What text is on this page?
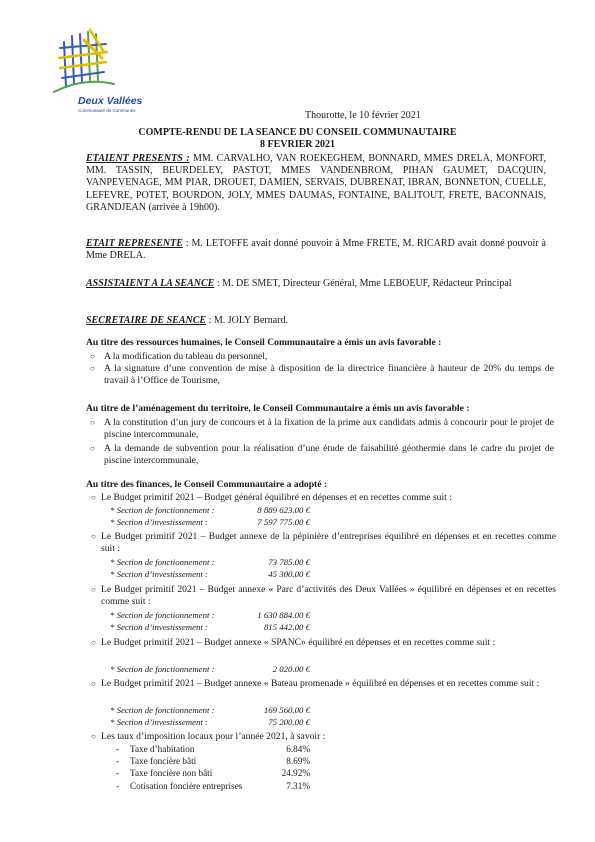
Deux Vallées
Communauté de Communes	Thourotte, le 10 février 2021
COMPTE-RENDU DE LA SEANCE DU CONSEIL COMMUNAUTAIRE
8 FEVRIER 2021
ETAIENT PRESENTS : MM. CARVALHO, VAN ROEKEGHEM, BONNARD, MMES DRELA, MONFORT, MM. TASSIN, BEURDELEY, PASTOT, MMES VANDENBROM, PIHAN GAUMET, DACQUIN, VANPEVENAGE, MM PIAR, DROUET, DAMIEN, SERVAIS, DUBRENAT, IBRAN, BONNETON, CUELLE, LEFEVRE, POTET, BOURDON, JOLY, MMES DAUMAS, FONTAINE, BALITOUT, FRETE, BACONNAIS, GRANDJEAN (arrivée à 19h00).
ETAIT REPRESENTE : M. LETOFFE avait donné pouvoir à Mme FRETE, M. RICARD avait donné pouvoir à Mme DRELA.
ASSISTAIENT A LA SEANCE : M. DE SMET, Directeur Général, Mme LEBOEUF, Rédacteur Principal
SECRETAIRE DE SEANCE : M. JOLY Bernard.
Au titre des ressources humaines, le Conseil Communautaire a émis un avis favorable :
○ A la modification du tableau du personnel,
○ A la signature d’une convention de mise à disposition de la directrice financière à hauteur de 20% du temps de travail à l’Office de Tourisme,
Au titre de l’aménagement du territoire, le Conseil Communautaire a émis un avis favorable :
○ A la constitution d’un jury de concours et à la fixation de la prime aux candidats admis à concourir pour le projet de piscine intercommunale,
○ A la demande de subvention pour la réalisation d’une étude de faisabilité géothermie dans le cadre du projet de piscine intercommunale,
Au titre des finances, le Conseil Communautaire a adopté :
○ Le Budget primitif 2021 – Budget général équilibré en dépenses et en recettes comme suit :
* Section de fonctionnement :	8 889 623.00 €
* Section d’investissement :	7 597 775.00 €
○ Le Budget primitif 2021 – Budget annexe de la pépinière d’entreprises équilibré en dépenses et en recettes comme suit :
* Section de fonctionnement :	73 785.00 €
* Section d’investissement :	45 300.00 €
○ Le Budget primitif 2021 – Budget annexe « Parc d’activités des Deux Vallées » équilibré en dépenses et en recettes comme suit :
* Section de fonctionnement :	1 630 884.00 €
* Section d’investissement :	815 442.00 €
○ Le Budget primitif 2021 – Budget annexe « SPANC» équilibré en dépenses et en recettes comme suit :
* Section de fonctionnement :	2 020.00 €
○ Le Budget primitif 2021 – Budget annexe « Bateau promenade » équilibré en dépenses et en recettes comme suit :
* Section de fonctionnement :	169 560.00 €
* Section d’investissement :	75 200.00 €
○ Les taux d’imposition locaux pour l’année 2021, à savoir :
- Taxe d’habitation	6.84%
- Taxe foncière bâti	8.69%
- Taxe foncière non bâti	24.92%
- Cotisation foncière entreprises	7.31%
